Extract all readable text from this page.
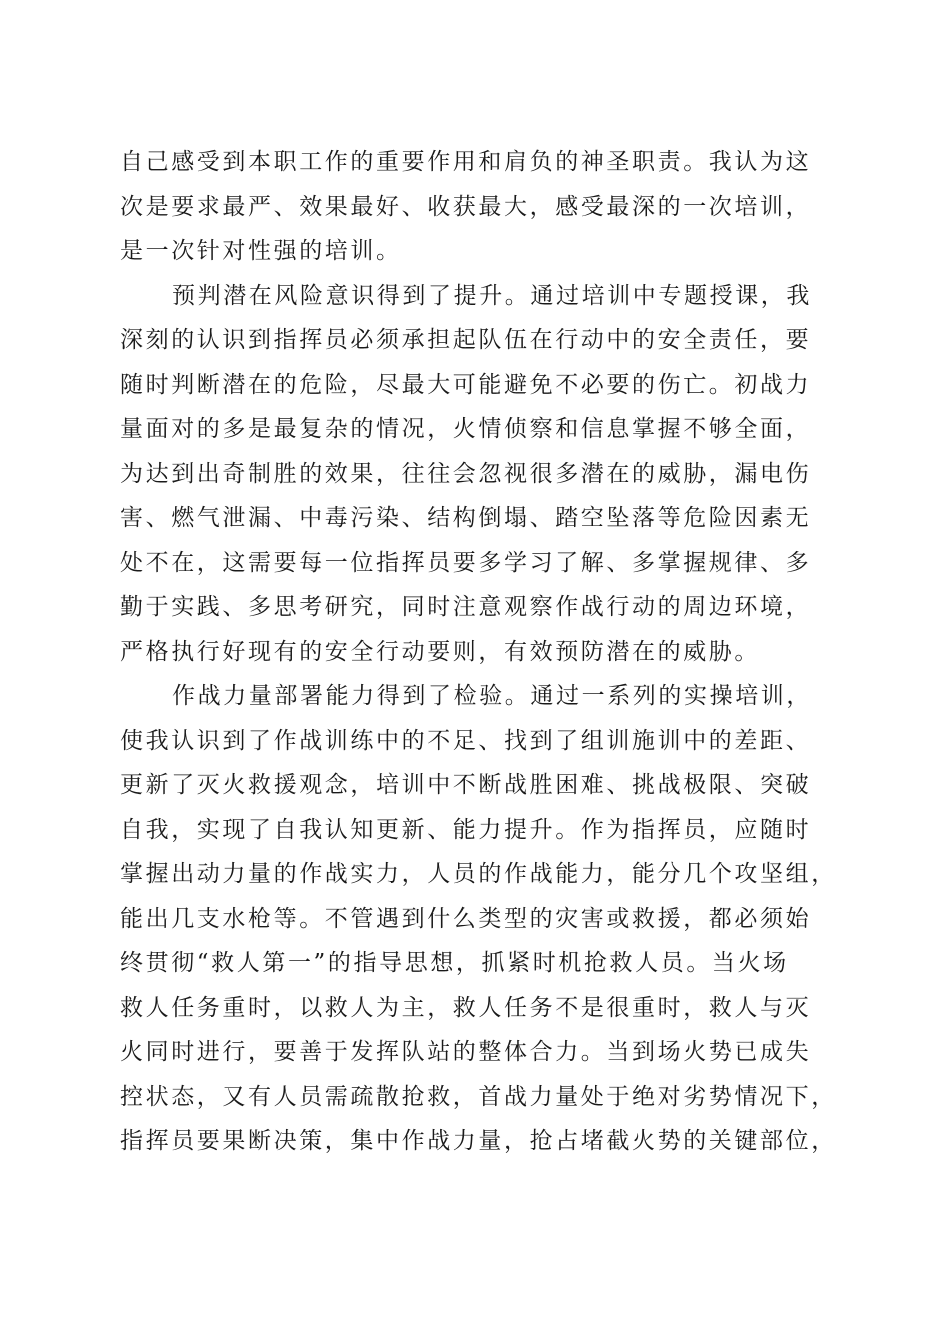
自己感受到本职工作的重要作用和肩负的神圣职责。我认为这
次是要求最严、效果最好、收获最大，感受最深的一次培训，
是一次针对性强的培训。
预判潜在风险意识得到了提升。通过培训中专题授课，我
深刻的认识到指挥员必须承担起队伍在行动中的安全责任，要
随时判断潜在的危险，尽最大可能避免不必要的伤亡。初战力
量面对的多是最复杂的情况，火情侦察和信息掌握不够全面，
为达到出奇制胜的效果，往往会忽视很多潜在的威胁，漏电伤
害、燃气泄漏、中毒污染、结构倒塌、踏空坠落等危险因素无
处不在，这需要每一位指挥员要多学习了解、多掌握规律、多
勤于实践、多思考研究，同时注意观察作战行动的周边环境，
严格执行好现有的安全行动要则，有效预防潜在的威胁。
作战力量部署能力得到了检验。通过一系列的实操培训，
使我认识到了作战训练中的不足、找到了组训施训中的差距、
更新了灭火救援观念，培训中不断战胜困难、挑战极限、突破
自我，实现了自我认知更新、能力提升。作为指挥员，应随时
掌握出动力量的作战实力，人员的作战能力，能分几个攻坚组，
能出几支水枪等。不管遇到什么类型的灾害或救援，都必须始
终贯彻“救人第一”的指导思想，抓紧时机抢救人员。当火场
救人任务重时，以救人为主，救人任务不是很重时，救人与灭
火同时进行，要善于发挥队站的整体合力。当到场火势已成失
控状态，又有人员需疏散抢救，首战力量处于绝对劣势情况下，
指挥员要果断决策，集中作战力量，抢占堵截火势的关键部位，
